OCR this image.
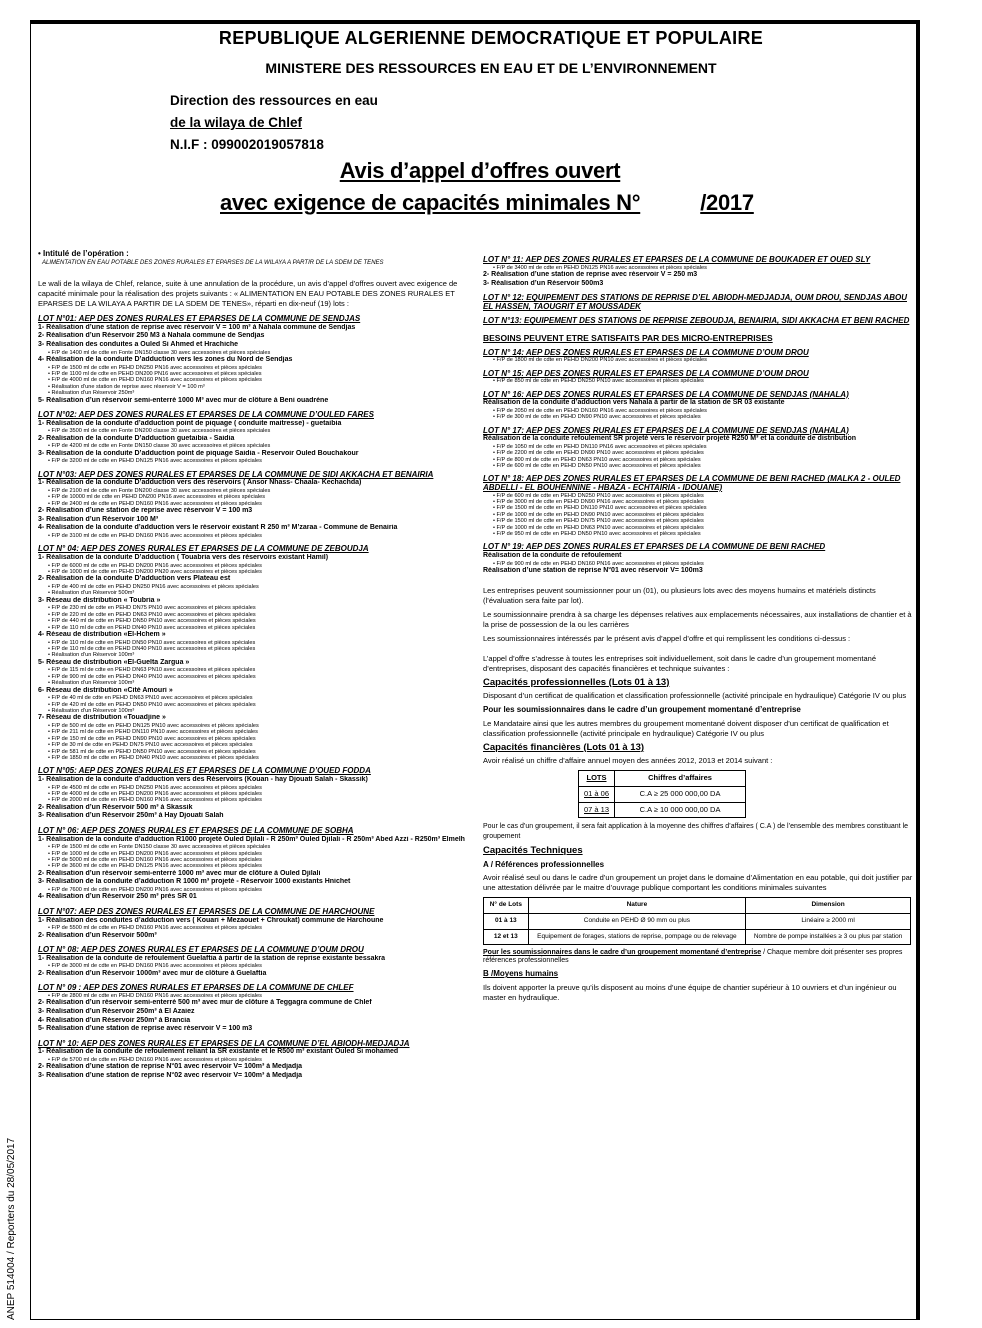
ANEP 514004 / Reporters du 28/05/2017
REPUBLIQUE ALGERIENNE DEMOCRATIQUE ET POPULAIRE
MINISTERE DES RESSOURCES EN EAU ET DE L’ENVIRONNEMENT
Direction des ressources en eau
de la wilaya de Chlef
N.I.F : 099002019057818
Avis d’appel d’offres ouvert
avec exigence de capacités minimales N°	/2017
• Intitulé de l’opération :
ALIMENTATION EN EAU POTABLE DES ZONES RURALES ET EPARSES DE LA WILAYA A PARTIR DE LA SDEM DE TENES
Le wali de la wilaya de Chlef, relance, suite à une annulation de la procédure, un avis d’appel d’offres ouvert avec exigence de capacité minimale pour la réalisation des projets suivants : « ALIMENTATION EN EAU POTABLE DES ZONES RURALES ET EPARSES DE LA WILAYA A PARTIR DE LA SDEM DE TENES», réparti en dix-neuf (19) lots :
LOT N°01: AEP DES ZONES RURALES ET EPARSES DE LA COMMUNE DE SENDJAS
1- Réalisation d’une station de reprise avec réservoir V = 100 m³ à Nahala commune de Sendjas
2- Réalisation d’un Réservoir 250 M3 à Nahala commune de Sendjas
3- Réalisation des conduites a Ouled Si Ahmed et Hrachiche
• F/P de 1400 ml de cdte en Fonte DN150 classe 30 avec accessoires et pièces spéciales
4- Réalisation de la conduite D’adduction vers les zones du Nord de Sendjas
• F/P de 1500 ml de cdte en PEHD DN250 PN16 avec accessoires et pièces spéciales
• F/P de 1100 ml de cdte en PEHD DN200 PN16 avec accessoires et pièces spéciales
• F/P de 4000 ml de cdte en PEHD DN160 PN16 avec accessoires et pièces spéciales
• Réalisation d’une station de reprise avec réservoir V = 100 m³
• Réalisation d’un Réservoir 250m³
5- Réalisation d’un réservoir semi-enterré 1000 M³ avec mur de clôture à Beni ouadrène
LOT N°02: AEP DES ZONES RURALES ET EPARSES DE LA COMMUNE D’OULED FARES
1- Réalisation de la conduite d’adduction point de piquage ( conduite maitresse) - guetaibia
• F/P de 3500 ml de cdte en Fonte DN200 classe 30 avec accessoires et pièces spéciales
2- Réalisation de la conduite D’adduction guetaibia - Saidia
• F/P de 4200 ml de cdte en Fonte DN150 classe 30 avec accessoires et pièces spéciales
3- Réalisation de la conduite D’adduction point de piquage Saidia - Reservoir Ouled Bouchakour
• F/P de 3200 ml de cdte en PEHD DN125 PN16 avec accessoires et pièces spéciales
LOT N°03: AEP DES ZONES RURALES ET EPARSES DE LA COMMUNE DE SIDI AKKACHA ET BENAIRIA
1- Réalisation de la conduite D’adduction vers des réservoirs ( Ansor Nhass- Chaala- Kechachda)
• F/P de 2100 ml de cdte en Fonte DN200 classe 30 avec accessoires et pièces spéciales
• F/P de 10000 ml de cdte en PEHD DN200 PN16 avec accessoires et pièces spéciales
• F/P de 2400 ml de cdte en PEHD DN160 PN16 avec accessoires et pièces spéciales
2- Réalisation d’une station de reprise avec réservoir V = 100 m3
3- Réalisation d’un Réservoir 100 M³
4- Réalisation de la conduite d’adduction vers le réservoir existant R 250 m³ M’zaraa - Commune de Benairia
• F/P de 3100 ml de cdte en PEHD DN160 PN16 avec accessoires et pièces spéciales
LOT N° 04: AEP DES ZONES RURALES ET EPARSES DE LA COMMUNE DE ZEBOUDJA
1- Réalisation de la conduite D’adduction ( Touabria vers des réservoirs existant Hamil)
• F/P de 6000 ml de cdte en PEHD DN200 PN16 avec accessoires et pièces spéciales
• F/P de 1000 ml de cdte en PEHD DN200 PN20 avec accessoires et pièces spéciales
2- Réalisation de la conduite D’adduction vers Plateau est
• F/P de 400 ml de cdte en PEHD DN250 PN16 avec accessoires et pièces spéciales
• Réalisation d’un Réservoir 500m³
3- Réseau de distribution « Toubria »
• F/P de 230 ml de cdte en PEHD DN75 PN10 avec accessoires et pièces spéciales
• F/P de 220 ml de cdte en PEHD DN63 PN10 avec accessoires et pièces spéciales
• F/P de 440 ml de cdte en PEHD DN50 PN10 avec accessoires et pièces spéciales
• F/P de 110 ml de cdte en PEHD DN40 PN10 avec accessoires et pièces spéciales
4- Réseau de distribution «El-Hchem »
• F/P de 110 ml de cdte en PEHD DN50 PN10 avec accessoires et pièces spéciales
• F/P de 110 ml de cdte en PEHD DN40 PN10 avec accessoires et pièces spéciales
• Réalisation d’un Réservoir 100m³
5- Réseau de distribution «El-Guelta Zargua »
• F/P de 115 ml de cdte en PEHD DN63 PN10 avec accessoires et pièces spéciales
• F/P de 900 ml de cdte en PEHD DN40 PN10 avec accessoires et pièces spéciales
• Réalisation d’un Réservoir 100m³
6- Réseau de distribution «Cité Amouri »
• F/P de 40 ml de cdte en PEHD DN63 PN10 avec accessoires et pièces spéciales
• F/P de 420 ml de cdte en PEHD DN50 PN10 avec accessoires et pièces spéciales
• Réalisation d’un Réservoir 100m³
7- Réseau de distribution «Touadjine »
• F/P de 500 ml de cdte en PEHD DN125 PN10 avec accessoires et pièces spéciales
• F/P de 211 ml de cdte en PEHD DN110 PN10 avec accessoires et pièces spéciales
• F/P de 150 ml de cdte en PEHD DN90 PN10 avec accessoires et pièces spéciales
• F/P de 30 ml de cdte en PEHD DN75 PN10 avec accessoires et pièces spéciales
• F/P de 581 ml de cdte en PEHD DN50 PN10 avec accessoires et pièces spéciales
• F/P de 1850 ml de cdte en PEHD DN40 PN10 avec accessoires et pièces spéciales
LOT N°05: AEP DES ZONES RURALES ET EPARSES DE LA COMMUNE D’OUED FODDA
1- Réalisation de la conduite d’adduction vers des Réservoirs (Kouan - hay Djouati Salah - Skassik)
• F/P de 4500 ml de cdte en PEHD DN250 PN16 avec accessoires et pièces spéciales
• F/P de 4000 ml de cdte en PEHD DN200 PN16 avec accessoires et pièces spéciales
• F/P de 2000 ml de cdte en PEHD DN160 PN16 avec accessoires et pièces spéciales
2- Réalisation d’un Réservoir 500 m³ à Skassik
3- Réalisation d’un Réservoir 250m³ à Hay Djouati Salah
LOT N° 06: AEP DES ZONES RURALES ET EPARSES DE LA COMMUNE DE SOBHA
1- Réalisation de la conduite d’adduction R1000 projeté Ouled Djilali - R 250m³ Ouled Djilali - R 250m³ Abed Azzi - R250m³ Elmelh
• F/P de 1500 ml de cdte en Fonte DN150 classe 30 avec accessoires et pièces spéciales
• F/P de 1000 ml de cdte en PEHD DN200 PN16 avec accessoires et pièces spéciales
• F/P de 5000 ml de cdte en PEHD DN160 PN16 avec accessoires et pièces spéciales
• F/P de 3600 ml de cdte en PEHD DN125 PN16 avec accessoires et pièces spéciales
2- Réalisation d’un réservoir semi-enterré 1000 m³ avec mur de clôture à Ouled Djilali
3- Réalisation de la conduite d’adduction R 1000 m³ projeté - Réservoir 1000 existants Hnichet
• F/P de 7600 ml de cdte en PEHD DN200 PN16 avec accessoires et pièces spéciales
4- Réalisation d’un Réservoir 250 m³ près SR 01
LOT N°07: AEP DES ZONES RURALES ET EPARSES DE LA COMMUNE DE HARCHOUNE
1- Réalisation des conduites d’adduction vers ( Kouari + Mezaouet + Chroukat) commune de Harchoune
• F/P de 5500 ml de cdte en PEHD DN160 PN16 avec accessoires et pièces spéciales
2- Réalisation d’un Réservoir 500m³
LOT N° 08: AEP DES ZONES RURALES ET EPARSES DE LA COMMUNE D’OUM DROU
1- Réalisation de la conduite de refoulement Guelaftia à partir de la station de reprise existante bessakra
• F/P de 3000 ml de cdte en PEHD DN160 PN16 avec accessoires et pièces spéciales
2- Réalisation d’un Réservoir 1000m³ avec mur de clôture à Guelaftia
LOT N° 09 : AEP DES ZONES RURALES ET EPARSES DE LA COMMUNE DE CHLEF
• F/P de 2800 ml de cdte en PEHD DN160 PN16 avec accessoires et pièces spéciales
2- Réalisation d’un réservoir semi-enterré 500 m³ avec mur de clôture à Teggagra commune de Chlef
3- Réalisation d’un Réservoir 250m³ à El Azaiez
4- Réalisation d’un Réservoir 250m³ à Brancia
5- Réalisation d’une station de reprise avec réservoir V = 100 m3
LOT N° 10: AEP DES ZONES RURALES ET EPARSES DE LA COMMUNE D’EL ABIODH-MEDJADJA
1- Réalisation de la conduite de refoulement reliant la SR existante et le R500 m³ existant Ouled Si mohamed
• F/P de 5700 ml de cdte en PEHD DN160 PN16 avec accessoires et pièces spéciales
2- Réalisation d’une station de reprise N°01 avec réservoir V= 100m³ à Medjadja
3- Réalisation d’une station de reprise N°02 avec réservoir V= 100m³ à Medjadja
LOT N° 11: AEP DES ZONES RURALES ET EPARSES DE LA COMMUNE DE BOUKADER ET OUED SLY
• F/P de 3400 ml de cdte en PEHD DN125 PN16 avec accessoires et pièces spéciales
2- Réalisation d’une station de reprise avec réservoir V = 250 m3
3- Réalisation d’un Réservoir 500m3
LOT N° 12: EQUIPEMENT DES STATIONS DE REPRISE D’EL ABIODH-MEDJADJA, OUM DROU, SENDJAS ABOU EL HASSEN, TAOUGRIT ET MOUSSADEK
LOT N°13: EQUIPEMENT DES STATIONS DE REPRISE ZEBOUDJA, BENAIRIA, SIDI AKKACHA ET BENI RACHED
BESOINS PEUVENT ETRE SATISFAITS PAR DES MICRO-ENTREPRISES
LOT N° 14: AEP DES ZONES RURALES ET EPARSES DE LA COMMUNE D’OUM DROU
• F/P de 1800 ml de cdte en PEHD DN200 PN10 avec accessoires et pièces spéciales
LOT N° 15: AEP DES ZONES RURALES ET EPARSES DE LA COMMUNE D’OUM DROU
• F/P de 850 ml de cdte en PEHD DN250 PN10 avec accessoires et pièces spéciales
LOT N° 16: AEP DES ZONES RURALES ET EPARSES DE LA COMMUNE DE SENDJAS (NAHALA)
Réalisation de la conduite d’adduction vers Nahala à partir de la station de SR 03 existante
• F/P de 2050 ml de cdte en PEHD DN160 PN16 avec accessoires et pièces spéciales
• F/P de 300 ml de cdte en PEHD DN90 PN10 avec accessoires et pièces spéciales
LOT N° 17: AEP DES ZONES RURALES ET EPARSES DE LA COMMUNE DE SENDJAS (NAHALA)
Réalisation de la conduite refoulement SR projeté vers le réservoir projeté R250 M³ et la conduite de distribution
• F/P de 1050 ml de cdte en PEHD DN110 PN16 avec accessoires et pièces spéciales
• F/P de 2200 ml de cdte en PEHD DN90 PN10 avec accessoires et pièces spéciales
• F/P de 800 ml de cdte en PEHD DN63 PN10 avec accessoires et pièces spéciales
• F/P de 600 ml de cdte en PEHD DN50 PN10 avec accessoires et pièces spéciales
LOT N° 18: AEP DES ZONES RURALES ET EPARSES DE LA COMMUNE DE BENI RACHED (MALKA 2 - OULED ABDELLI - EL BOUHENNINE - HBAZA - ECHTAIRIA - IDOUANE)
• F/P de 600 ml de cdte en PEHD DN250 PN10 avec accessoires et pièces spéciales
• F/P de 3000 ml de cdte en PEHD DN90 PN16 avec accessoires et pièces spéciales
• F/P de 1500 ml de cdte en PEHD DN110 PN10 avec accessoires et pièces spéciales
• F/P de 1000 ml de cdte en PEHD DN90 PN10 avec accessoires et pièces spéciales
• F/P de 1500 ml de cdte en PEHD DN75 PN10 avec accessoires et pièces spéciales
• F/P de 1000 ml de cdte en PEHD DN63 PN10 avec accessoires et pièces spéciales
• F/P de 950 ml de cdte en PEHD DN50 PN10 avec accessoires et pièces spéciales
LOT N° 19: AEP DES ZONES RURALES ET EPARSES DE LA COMMUNE DE BENI RACHED
Réalisation de la conduite de refoulement
• F/P de 900 ml de cdte en PEHD DN160 PN16 avec accessoires et pièces spéciales
Réalisation d’une station de reprise N°01 avec réservoir V= 100m3
Les entreprises peuvent soumissionner pour un (01), ou plusieurs lots avec des moyens humains et matériels distincts (l’évaluation sera faite par lot).
Le soumissionnaire prendra à sa charge les dépenses relatives aux emplacements nécessaires, aux installations de chantier et à la prise de possession de la ou les carrières
Les soumissionnaires intéressés par le présent avis d’appel d’offre et qui remplissent les conditions ci-dessus :
L’appel d’offre s’adresse à toutes les entreprises soit individuellement, soit dans le cadre d’un groupement momentané d’entreprises, disposant des capacités financières et technique suivantes :
Capacités professionnelles (Lots 01 à 13)
Disposant d’un certificat de qualification et classification professionnelle (activité principale en hydraulique) Catégorie IV ou plus
Pour les soumissionnaires dans le cadre d’un groupement momentané d’entreprise
Le Mandataire ainsi que les autres membres du groupement momentané doivent disposer d’un certificat de qualification et classification professionnelle (activité principale en hydraulique) Catégorie IV ou plus
Capacités financières (Lots 01 à 13)
Avoir réalisé un chiffre d’affaire annuel moyen des années 2012, 2013 et 2014 suivant :
LOTS	Chiffres d’affaires
01 à 06	C.A ≥ 25 000 000,00 DA
07 à 13	C.A ≥ 10 000 000,00 DA
Pour le cas d’un groupement, il sera fait application à la moyenne des chiffres d’affaires ( C.A ) de l’ensemble des membres constituant le groupement
Capacités Techniques
A / Références professionnelles
Avoir réalisé seul ou dans le cadre d’un groupement un projet dans le domaine d’Alimentation en eau potable, qui doit justifier par une attestation délivrée par le maitre d’ouvrage publique comportant les conditions minimales suivantes
N° de Lots	Nature	Dimension
01 à 13	Conduite en PEHD Ø 90 mm ou plus	Linéaire ≥ 2000 ml
12 et 13	Equipement de forages, stations de reprise, pompage ou de relevage	Nombre de pompe installées ≥ 3 ou plus par station
Pour les soumissionnaires dans le cadre d’un groupement momentané d’entreprise / Chaque membre doit présenter ses propres références professionnelles
B /Moyens humains
Ils doivent apporter la preuve qu’ils disposent au moins d’une équipe de chantier supérieur à 10 ouvriers et d’un ingénieur ou master en hydraulique.
